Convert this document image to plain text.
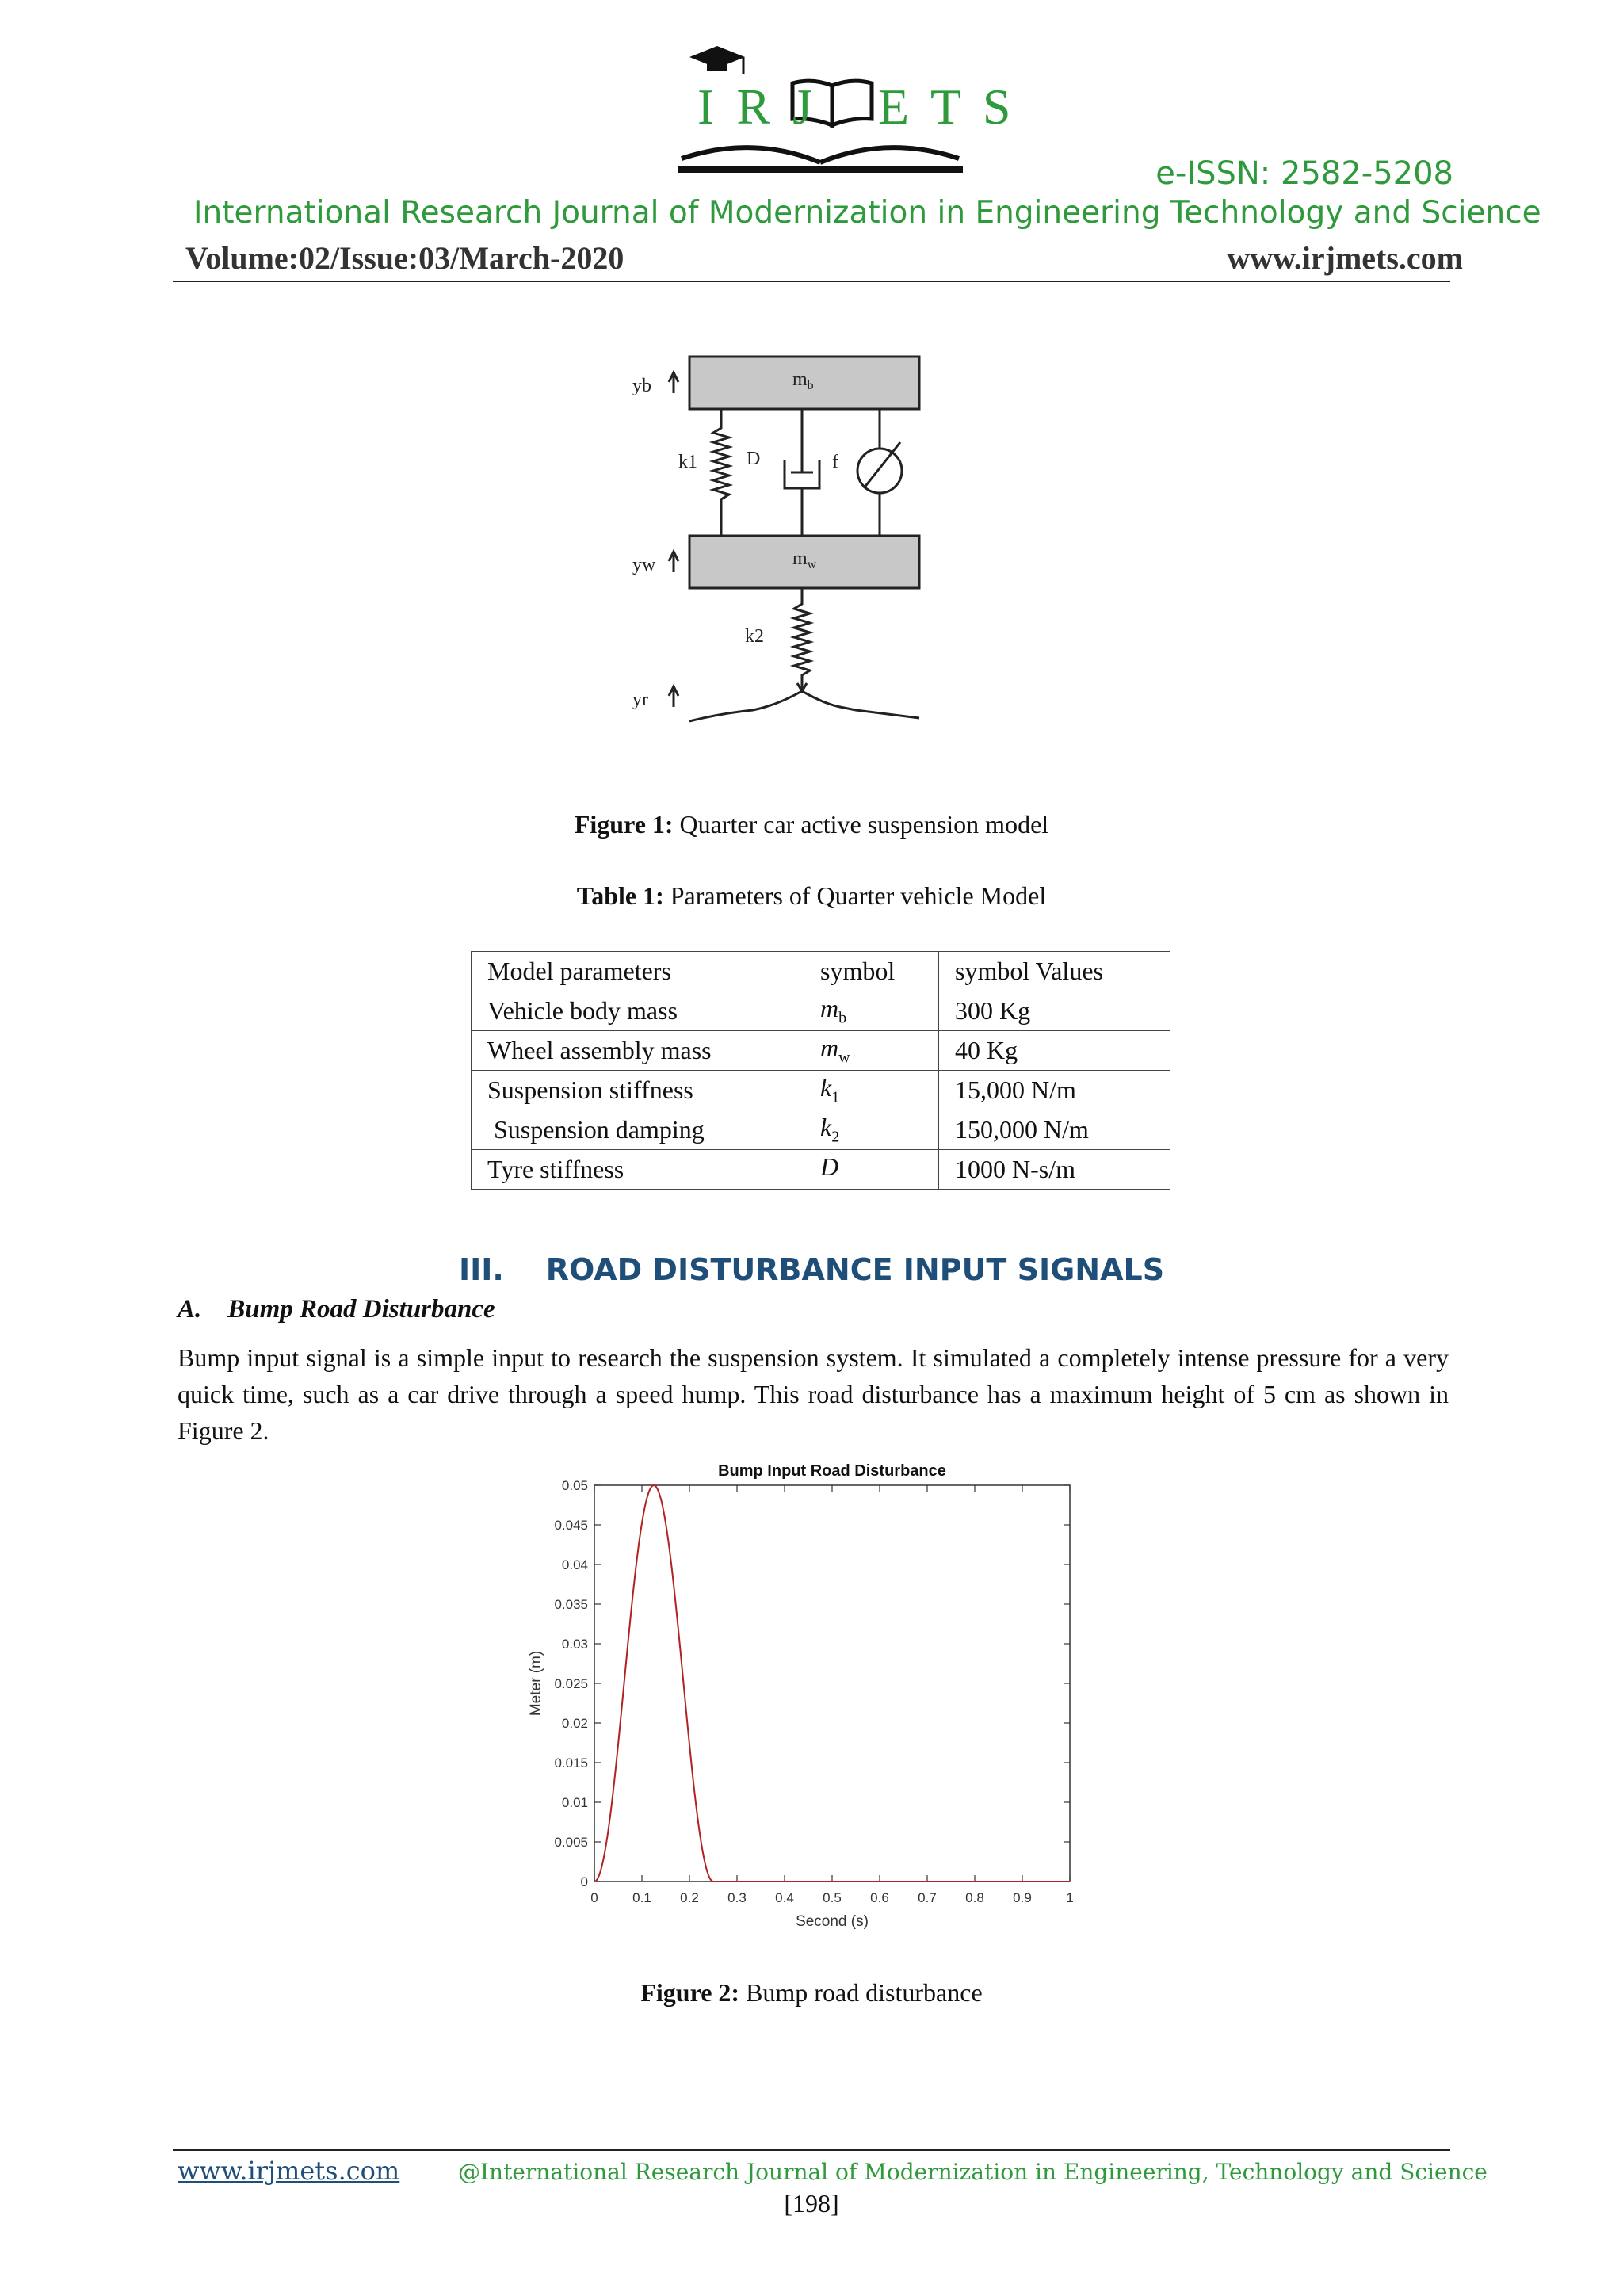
I R J E T S
e-ISSN: 2582-5208
International Research Journal of Modernization in Engineering Technology and Science
Volume:02/Issue:03/March-2020	www.irjmets.com
yb
yw
yr
k1
k2
D	f
$m_b$
$m_w$
Figure 1: Quarter car active suspension model
Table 1: Parameters of Quarter vehicle Model
Model parameters	symbol	symbol Values
Vehicle body mass	$m_b$	300 Kg
Wheel assembly mass	$m_w$	40 Kg
Suspension stiffness	$k_1$	15,000 N/m
Suspension damping	$k_2$	150,000 N/m
Tyre stiffness	D	1000 N-s/m
III.    ROAD DISTURBANCE INPUT SIGNALS
A.    Bump Road Disturbance
Bump input signal is a simple input to research the suspension system. It simulated a completely intense pressure for a very quick time, such as a car drive through a speed hump. This road disturbance has a maximum height of 5 cm as shown in Figure 2.
Bump Input Road Disturbance
0	0.1 0.2 0.3 0.4 0.5 0.6 0.7 0.8 0.9	1
0
0.005
0.01
0.015
0.02
0.025
0.03
0.035
0.04
0.045
0.05
Second (s)
Meter (m)
Figure 2: Bump road disturbance
www.irjmets.com	@International Research Journal of Modernization in Engineering, Technology and Science
[198]
